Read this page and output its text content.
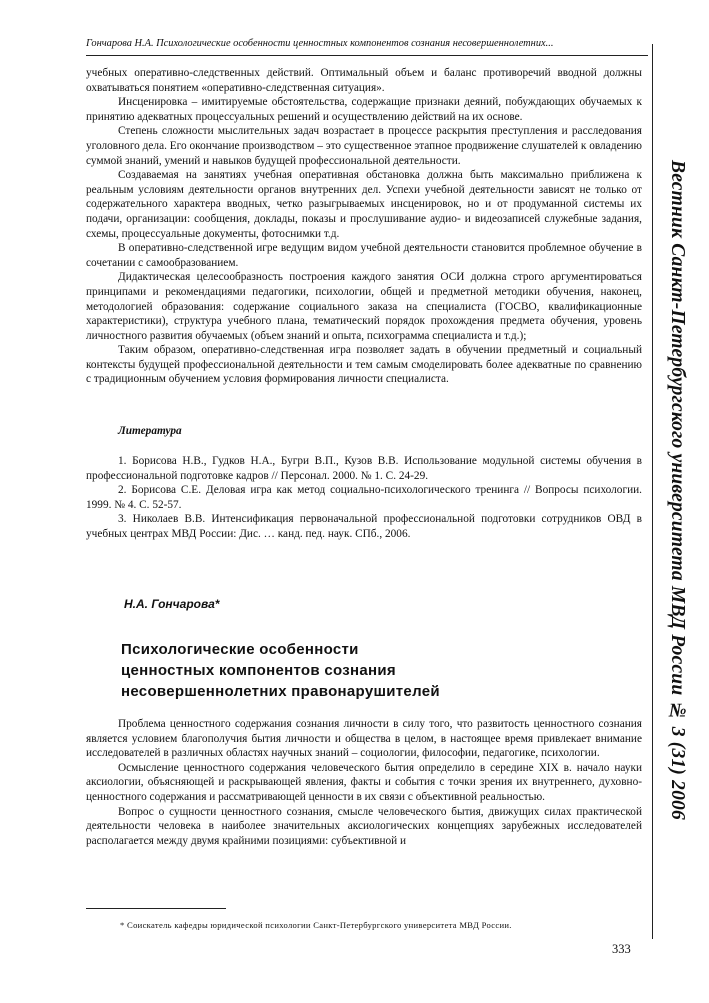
Гончарова Н.А. Психологические особенности ценностных компонентов сознания несовершеннолетних...
Вестник Санкт-Петербургского университета МВД России № 3 (31) 2006

учебных оперативно-следственных действий. Оптимальный объем и баланс противоречий вводной должны охватываться понятием «оперативно-следственная ситуация».

Инсценировка – имитируемые обстоятельства, содержащие признаки деяний, побуждающих обучаемых к принятию адекватных процессуальных решений и осуществлению действий на их основе.

Степень сложности мыслительных задач возрастает в процессе раскрытия преступления и расследования уголовного дела. Его окончание производством – это существенное этапное продвижение слушателей к овладению суммой знаний, умений и навыков будущей профессиональной деятельности.

Создаваемая на занятиях учебная оперативная обстановка должна быть максимально приближена к реальным условиям деятельности органов внутренних дел. Успехи учебной деятельности зависят не только от содержательного характера вводных, четко разыгрываемых инсценировок, но и от продуманной системы их подачи, организации: сообщения, доклады, показы и прослушивание аудио- и видеозаписей служебные задания, схемы, процессуальные документы, фотоснимки т.д.

В оперативно-следственной игре ведущим видом учебной деятельности становится проблемное обучение в сочетании с самообразованием.

Дидактическая целесообразность построения каждого занятия ОСИ должна строго аргументироваться принципами и рекомендациями педагогики, психологии, общей и предметной методики обучения, наконец, методологией образования: содержание социального заказа на специалиста (ГОСВО, квалификационные характеристики), структура учебного плана, тематический порядок прохождения предмета обучения, уровень личностного развития обучаемых (объем знаний и опыта, психограмма специалиста и т.д.);

Таким образом, оперативно-следственная игра позволяет задать в обучении предметный и социальный контексты будущей профессиональной деятельности и тем самым смоделировать более адекватные по сравнению с традиционным обучением условия формирования личности специалиста.

Литература

1. Борисова Н.В., Гудков Н.А., Бугри В.П., Кузов В.В. Использование модульной системы обучения в профессиональной подготовке кадров // Персонал. 2000. № 1. С. 24-29.

2. Борисова С.Е. Деловая игра как метод социально-психологического тренинга // Вопросы психологии. 1999. № 4. С. 52-57.

3. Николаев В.В. Интенсификация первоначальной профессиональной подготовки сотрудников ОВД в учебных центрах МВД России: Дис. … канд. пед. наук. СПб., 2006.

Н.А. Гончарова*
Психологические особенности
ценностных компонентов сознания
несовершеннолетних правонарушителей

Проблема ценностного содержания сознания личности в силу того, что развитость ценностного сознания является условием благополучия бытия личности и общества в целом, в настоящее время привлекает внимание исследователей в различных областях научных знаний – социологии, философии, педагогике, психологии.

Осмысление ценностного содержания человеческого бытия определило в середине XIX в. начало науки аксиологии, объясняющей и раскрывающей явления, факты и события с точки зрения их внутреннего, духовно-ценностного содержания и рассматривающей ценности в их связи с объективной реальностью.

Вопрос о сущности ценностного сознания, смысле человеческого бытия, движущих силах практической деятельности человека в наиболее значительных аксиологических концепциях зарубежных исследователей располагается между двумя крайними позициями: субъективной и

* Соискатель кафедры юридической психологии Санкт-Петербургского университета МВД России.
333
